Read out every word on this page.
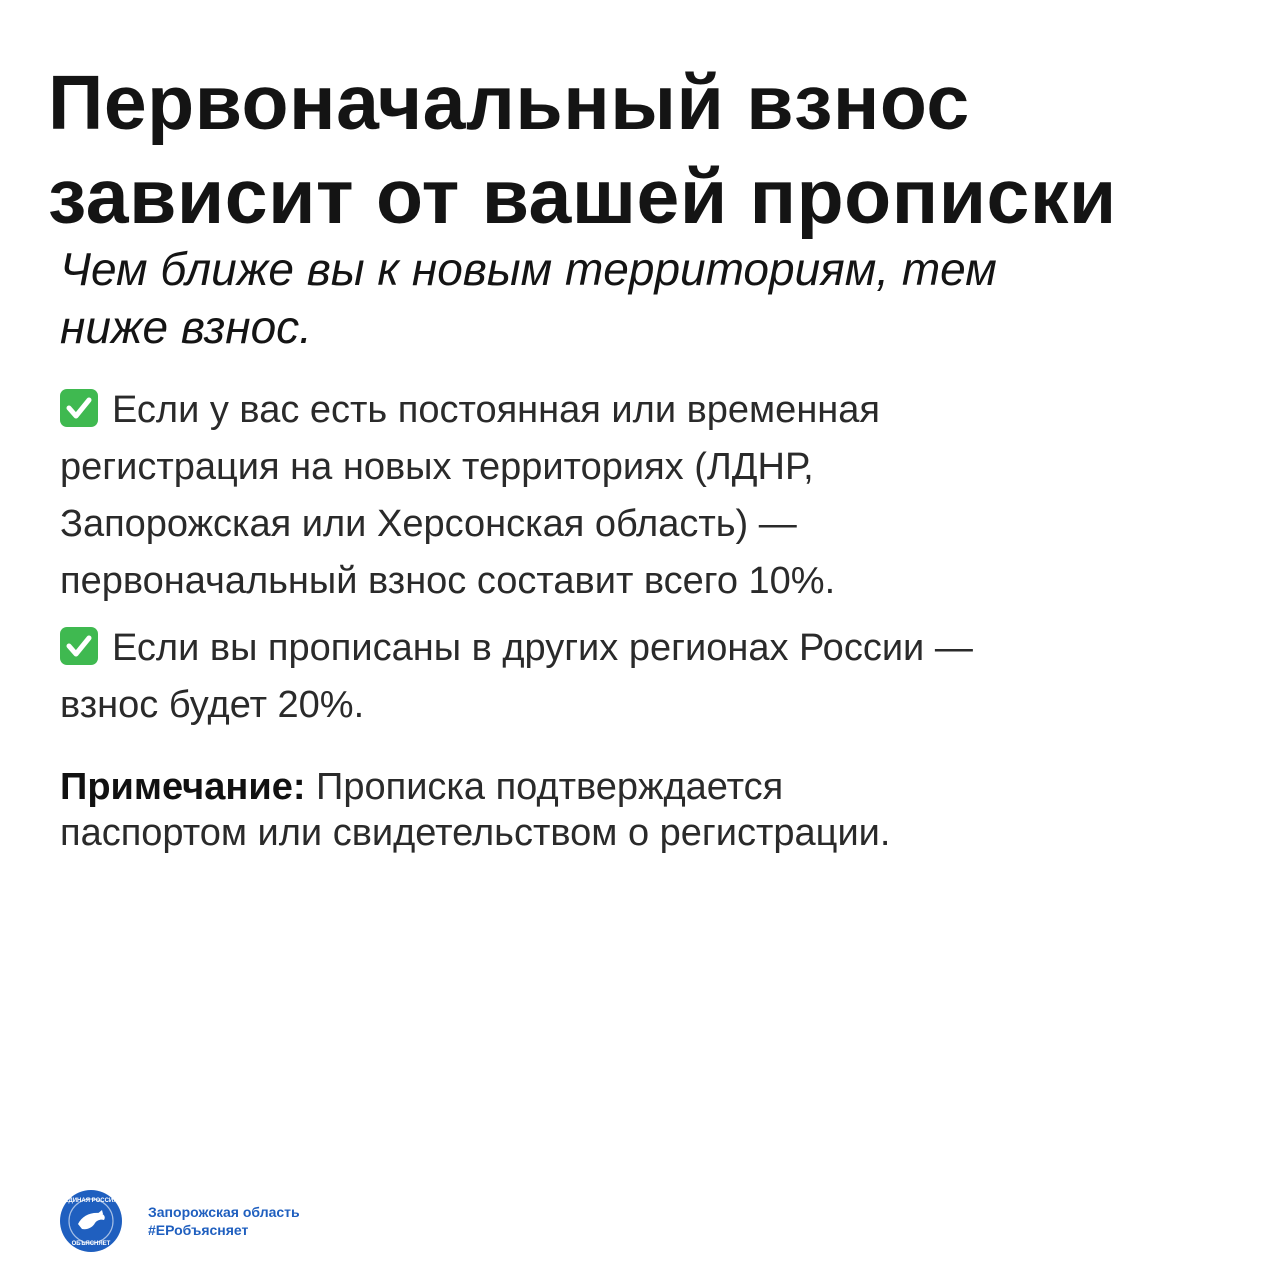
Первоначальный взнос
зависит от вашей прописки

Чем ближе вы к новым территориям, тем
ниже взнос.

Если у вас есть постоянная или временная
регистрация на новых территориях (ЛДНР,
Запорожская или Херсонская область) —
первоначальный взнос составит всего 10%.
Если вы прописаны в других регионах России —
взнос будет 20%.
Примечание: Прописка подтверждается
паспортом или свидетельством о регистрации.
ЕДИНАЯ РОССИЯ
ОБЪЯСНЯЕТ
Запорожская область
#ЕРобъясняет
